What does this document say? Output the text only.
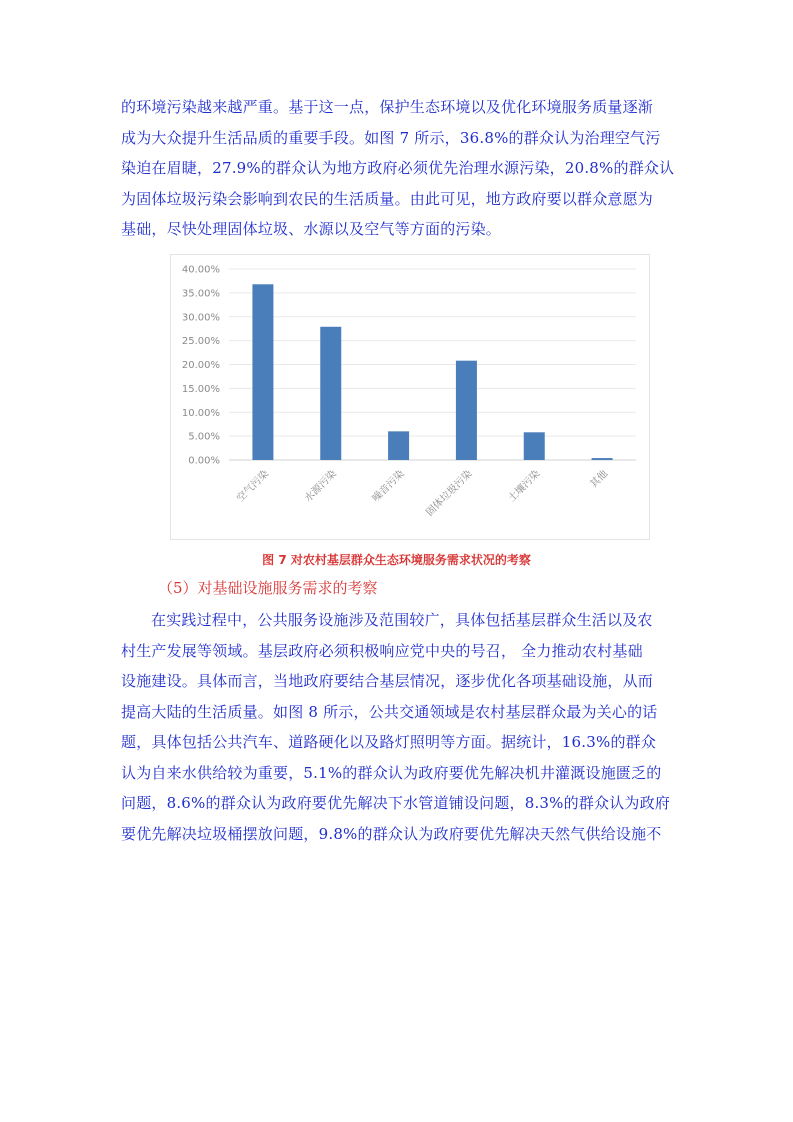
的环境污染越来越严重。基于这一点，保护生态环境以及优化环境服务质量逐渐
成为大众提升生活品质的重要手段。如图 7 所示，36.8%的群众认为治理空气污
染迫在眉睫，27.9%的群众认为地方政府必须优先治理水源污染，20.8%的群众认
为固体垃圾污染会影响到农民的生活质量。由此可见，地方政府要以群众意愿为
基础，尽快处理固体垃圾、水源以及空气等方面的污染。

0.00%
5.00%
10.00%
15.00%
20.00%
25.00%
30.00%
35.00%
40.00%
空气污染	水源污染	噪音污染 固体垃圾污染	土壤污染	其他

图 7 对农村基层群众生态环境服务需求状况的考察

（5）对基础设施服务需求的考察

在实践过程中，公共服务设施涉及范围较广，具体包括基层群众生活以及农
村生产发展等领域。基层政府必须积极响应党中央的号召， 全力推动农村基础
设施建设。具体而言，当地政府要结合基层情况，逐步优化各项基础设施，从而
提高大陆的生活质量。如图 8 所示，公共交通领域是农村基层群众最为关心的话
题，具体包括公共汽车、道路硬化以及路灯照明等方面。据统计，16.3%的群众
认为自来水供给较为重要，5.1%的群众认为政府要优先解决机井灌溉设施匮乏的
问题，8.6%的群众认为政府要优先解决下水管道铺设问题，8.3%的群众认为政府
要优先解决垃圾桶摆放问题，9.8%的群众认为政府要优先解决天然气供给设施不
